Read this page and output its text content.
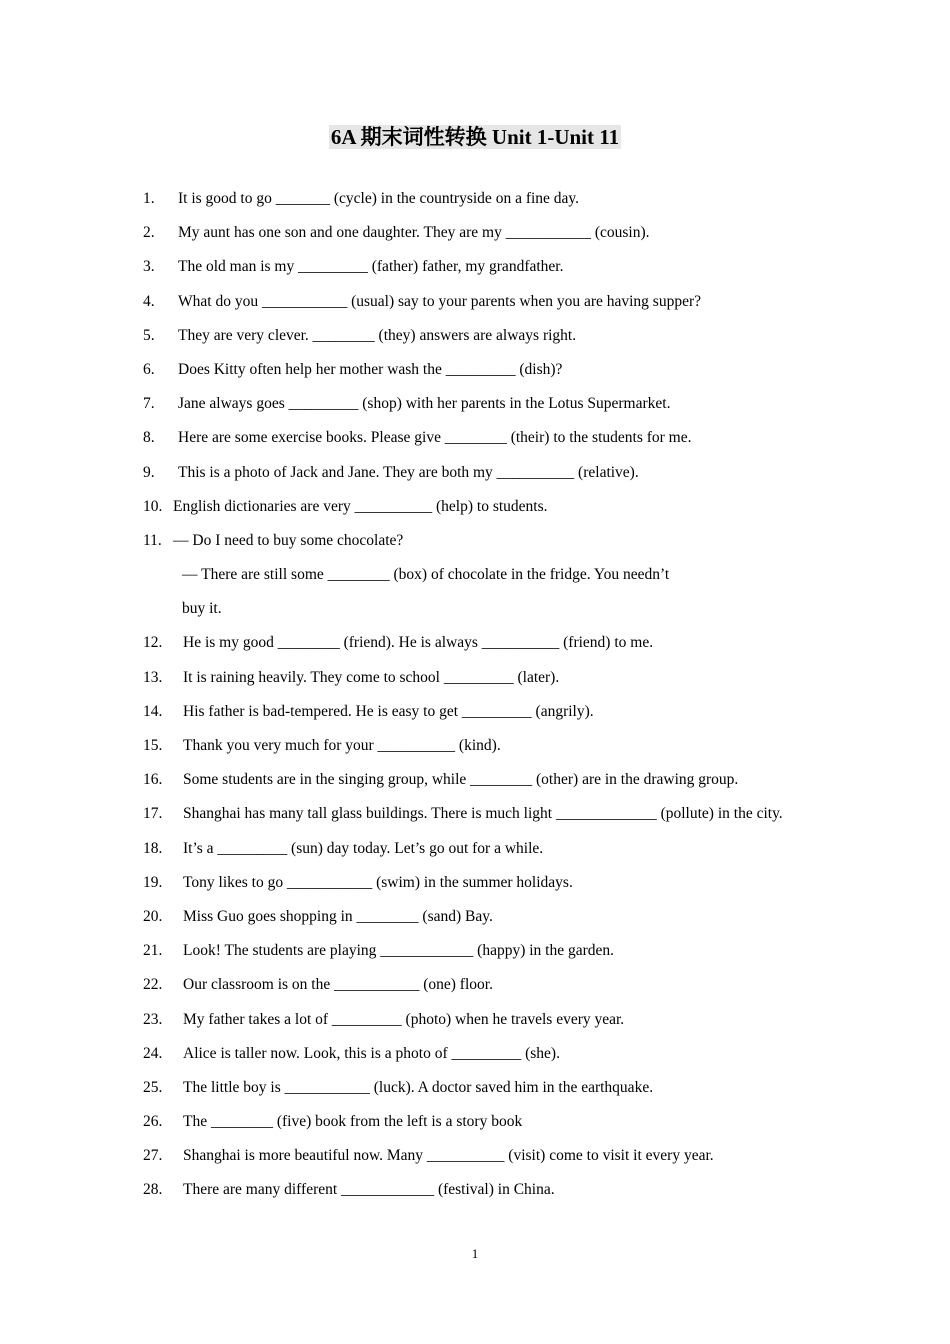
6A 期末词性转换 Unit 1-Unit 11
1. It is good to go _______ (cycle) in the countryside on a fine day.
2. My aunt has one son and one daughter. They are my ___________ (cousin).
3. The old man is my _________ (father) father, my grandfather.
4. What do you ___________ (usual) say to your parents when you are having supper?
5. They are very clever. ________ (they) answers are always right.
6. Does Kitty often help her mother wash the _________ (dish)?
7. Jane always goes _________ (shop) with her parents in the Lotus Supermarket.
8. Here are some exercise books. Please give ________ (their) to the students for me.
9. This is a photo of Jack and Jane. They are both my __________ (relative).
10. English dictionaries are very __________ (help) to students.
11. — Do I need to buy some chocolate?
— There are still some ________ (box) of chocolate in the fridge. You needn’t
buy it.
12. He is my good ________ (friend). He is always __________ (friend) to me.
13. It is raining heavily. They come to school _________ (later).
14. His father is bad-tempered. He is easy to get _________ (angrily).
15. Thank you very much for your __________ (kind).
16. Some students are in the singing group, while ________ (other) are in the drawing group.
17. Shanghai has many tall glass buildings. There is much light _____________ (pollute) in the city.
18. It’s a _________ (sun) day today. Let’s go out for a while.
19. Tony likes to go ___________ (swim) in the summer holidays.
20. Miss Guo goes shopping in ________ (sand) Bay.
21. Look! The students are playing ____________ (happy) in the garden.
22. Our classroom is on the ___________ (one) floor.
23. My father takes a lot of _________ (photo) when he travels every year.
24. Alice is taller now. Look, this is a photo of _________ (she).
25. The little boy is ___________ (luck). A doctor saved him in the earthquake.
26. The ________ (five) book from the left is a story book
27. Shanghai is more beautiful now. Many __________ (visit) come to visit it every year.
28. There are many different ____________ (festival) in China.
1
